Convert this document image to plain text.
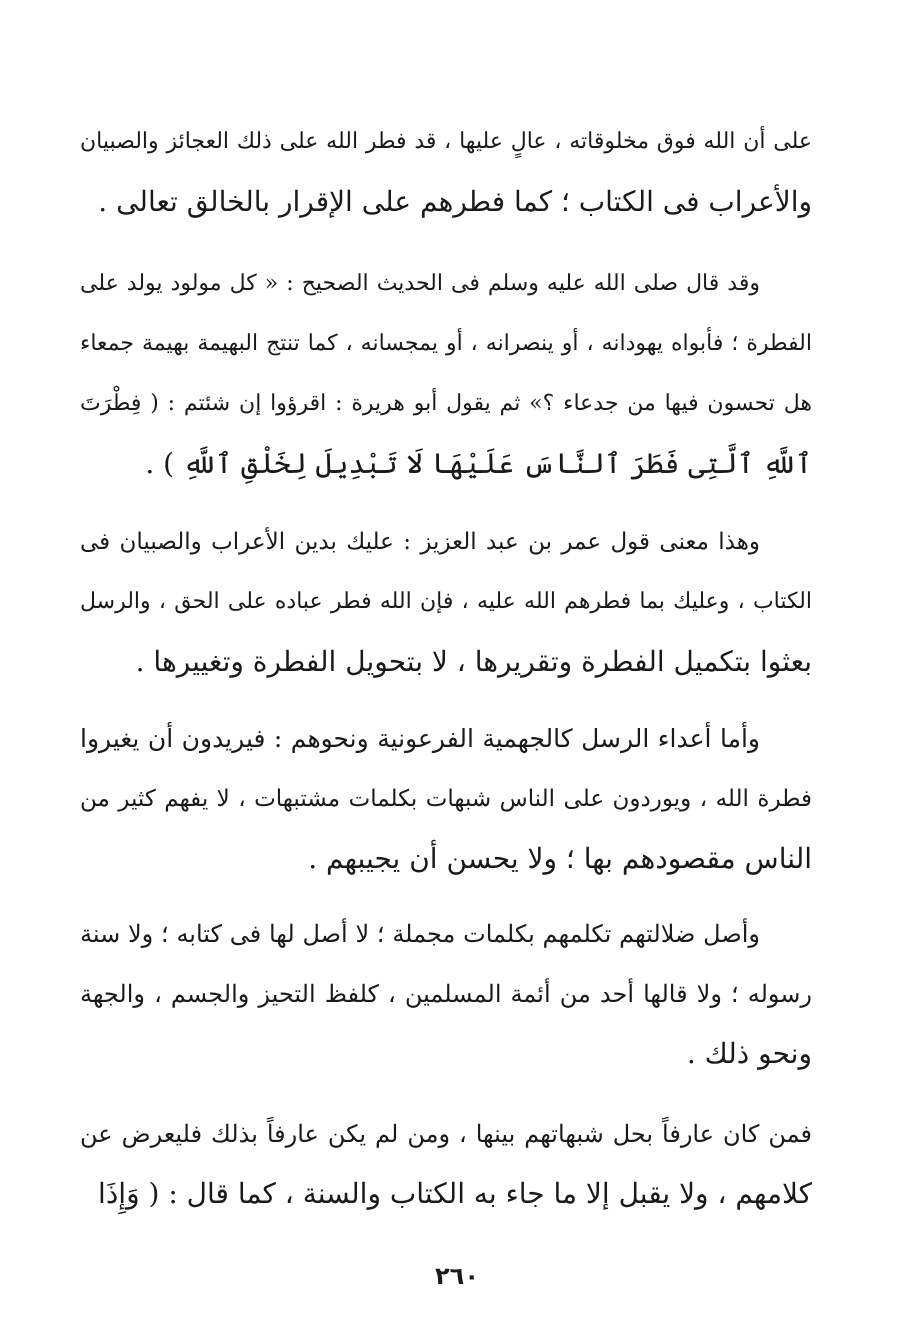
على أن الله فوق مخلوقاته ، عالٍ عليها ، قد فطر الله على ذلك العجائز والصبيان
والأعراب فى الكتاب ؛ كما فطرهم على الإقرار بالخالق تعالى .
وقد قال صلى الله عليه وسلم فى الحديث الصحيح : « كل مولود يولد على
الفطرة ؛ فأبواه يهودانه ، أو ينصرانه ، أو يمجسانه ، كما تنتج البهيمة بهيمة جمعاء
هل تحسون فيها من جدعاء ؟» ثم يقول أبو هريرة : اقرؤوا إن شئتم : ( فِطْرَتَ
ٱللَّهِ ٱلَّتِى فَطَرَ ٱلنَّاسَ عَلَيْهَا لَا تَبْدِيلَ لِخَلْقِ ٱللَّهِ ) .
وهذا معنى قول عمر بن عبد العزيز : عليك بدين الأعراب والصبيان فى
الكتاب ، وعليك بما فطرهم الله عليه ، فإن الله فطر عباده على الحق ، والرسل
بعثوا بتكميل الفطرة وتقريرها ، لا بتحويل الفطرة وتغييرها .
وأما أعداء الرسل كالجهمية الفرعونية ونحوهم : فيريدون أن يغيروا
فطرة الله ، ويوردون على الناس شبهات بكلمات مشتبهات ، لا يفهم كثير من
الناس مقصودهم بها ؛ ولا يحسن أن يجيبهم .
وأصل ضلالتهم تكلمهم بكلمات مجملة ؛ لا أصل لها فى كتابه ؛ ولا سنة
رسوله ؛ ولا قالها أحد من أئمة المسلمين ، كلفظ التحيز والجسم ، والجهة
ونحو ذلك .
فمن كان عارفاً بحل شبهاتهم بينها ، ومن لم يكن عارفاً بذلك فليعرض عن
كلامهم ، ولا يقبل إلا ما جاء به الكتاب والسنة ، كما قال : ( وَإِذَا
٢٦٠
